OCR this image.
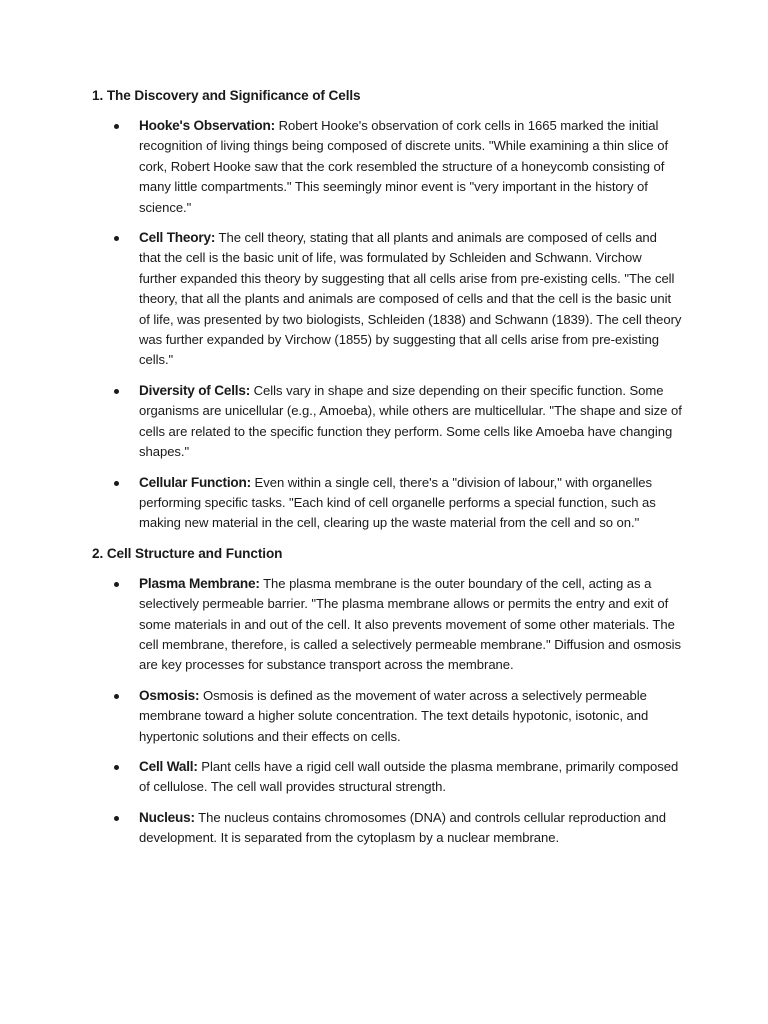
1. The Discovery and Significance of Cells
Hooke's Observation: Robert Hooke's observation of cork cells in 1665 marked the initial recognition of living things being composed of discrete units. "While examining a thin slice of cork, Robert Hooke saw that the cork resembled the structure of a honeycomb consisting of many little compartments." This seemingly minor event is "very important in the history of science."
Cell Theory: The cell theory, stating that all plants and animals are composed of cells and that the cell is the basic unit of life, was formulated by Schleiden and Schwann. Virchow further expanded this theory by suggesting that all cells arise from pre-existing cells. "The cell theory, that all the plants and animals are composed of cells and that the cell is the basic unit of life, was presented by two biologists, Schleiden (1838) and Schwann (1839). The cell theory was further expanded by Virchow (1855) by suggesting that all cells arise from pre-existing cells."
Diversity of Cells: Cells vary in shape and size depending on their specific function. Some organisms are unicellular (e.g., Amoeba), while others are multicellular. "The shape and size of cells are related to the specific function they perform. Some cells like Amoeba have changing shapes."
Cellular Function: Even within a single cell, there's a "division of labour," with organelles performing specific tasks. "Each kind of cell organelle performs a special function, such as making new material in the cell, clearing up the waste material from the cell and so on."
2. Cell Structure and Function
Plasma Membrane: The plasma membrane is the outer boundary of the cell, acting as a selectively permeable barrier. "The plasma membrane allows or permits the entry and exit of some materials in and out of the cell. It also prevents movement of some other materials. The cell membrane, therefore, is called a selectively permeable membrane." Diffusion and osmosis are key processes for substance transport across the membrane.
Osmosis: Osmosis is defined as the movement of water across a selectively permeable membrane toward a higher solute concentration. The text details hypotonic, isotonic, and hypertonic solutions and their effects on cells.
Cell Wall: Plant cells have a rigid cell wall outside the plasma membrane, primarily composed of cellulose. The cell wall provides structural strength.
Nucleus: The nucleus contains chromosomes (DNA) and controls cellular reproduction and development. It is separated from the cytoplasm by a nuclear membrane.
